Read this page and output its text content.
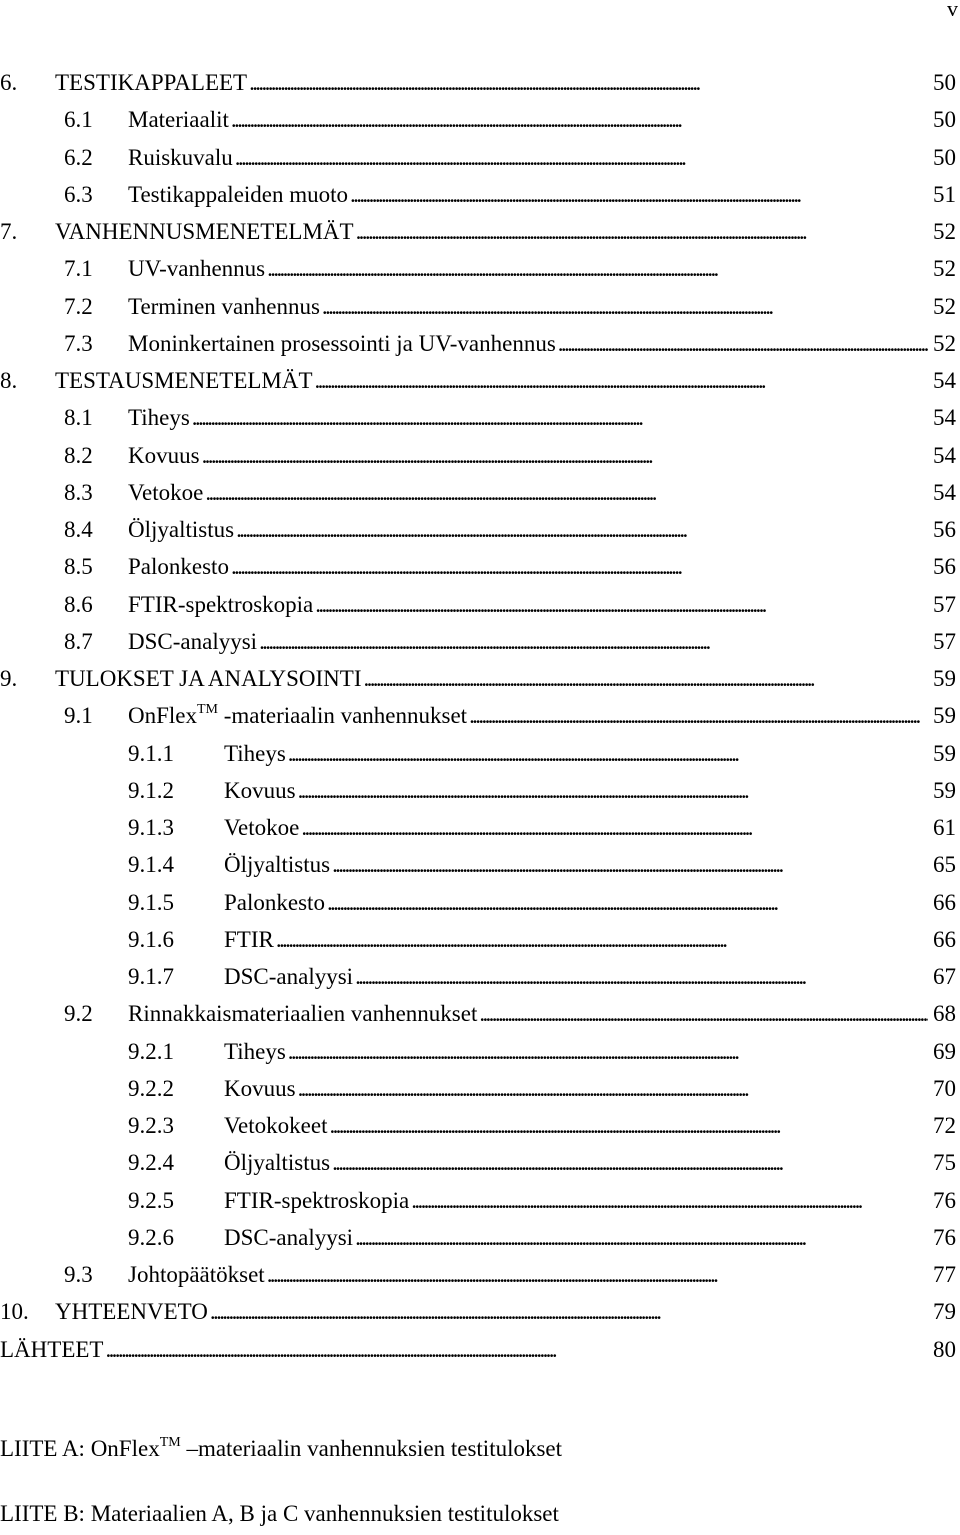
v
6. TESTIKAPPALEET . . .	50
6.1 Materiaalit . . .	50
6.2 Ruiskuvalu . . .	50
6.3 Testikappaleiden muoto . . .	51
7. VANHENNUSMENETELMÄT . . .	52
7.1 UV-vanhennus . . .	52
7.2 Terminen vanhennus . . .	52
7.3 Moninkertainen prosessointi ja UV-vanhennus . . .	52
8. TESTAUSMENETELMÄT . . .	54
8.1 Tiheys . . .	54
8.2 Kovuus . . .	54
8.3 Vetokoe . . .	54
8.4 Öljyaltistus . . .	56
8.5 Palonkesto . . .	56
8.6 FTIR-spektroskopia . . .	57
8.7 DSC-analyysi . . .	57
9. TULOKSET JA ANALYSOINTI . . .	59
9.1 OnFlex™ -materiaalin vanhennukset . . .	59
9.1.1 Tiheys . . .	59
9.1.2 Kovuus . . .	59
9.1.3 Vetokoe . . .	61
9.1.4 Öljyaltistus . . .	65
9.1.5 Palonkesto . . .	66
9.1.6 FTIR . . .	66
9.1.7 DSC-analyysi . . .	67
9.2 Rinnakkaismateriaalien vanhennukset . . .	68
9.2.1 Tiheys . . .	69
9.2.2 Kovuus . . .	70
9.2.3 Vetokokeet . . .	72
9.2.4 Öljyaltistus . . .	75
9.2.5 FTIR-spektroskopia . . .	76
9.2.6 DSC-analyysi . . .	76
9.3 Johtopäätökset . . .	77
10. YHTEENVETO . . .	79
LÄHTEET . . .	80
LIITE A: OnFlex™ –materiaalin vanhennuksien testitulokset
LIITE B: Materiaalien A, B ja C vanhennuksien testitulokset
